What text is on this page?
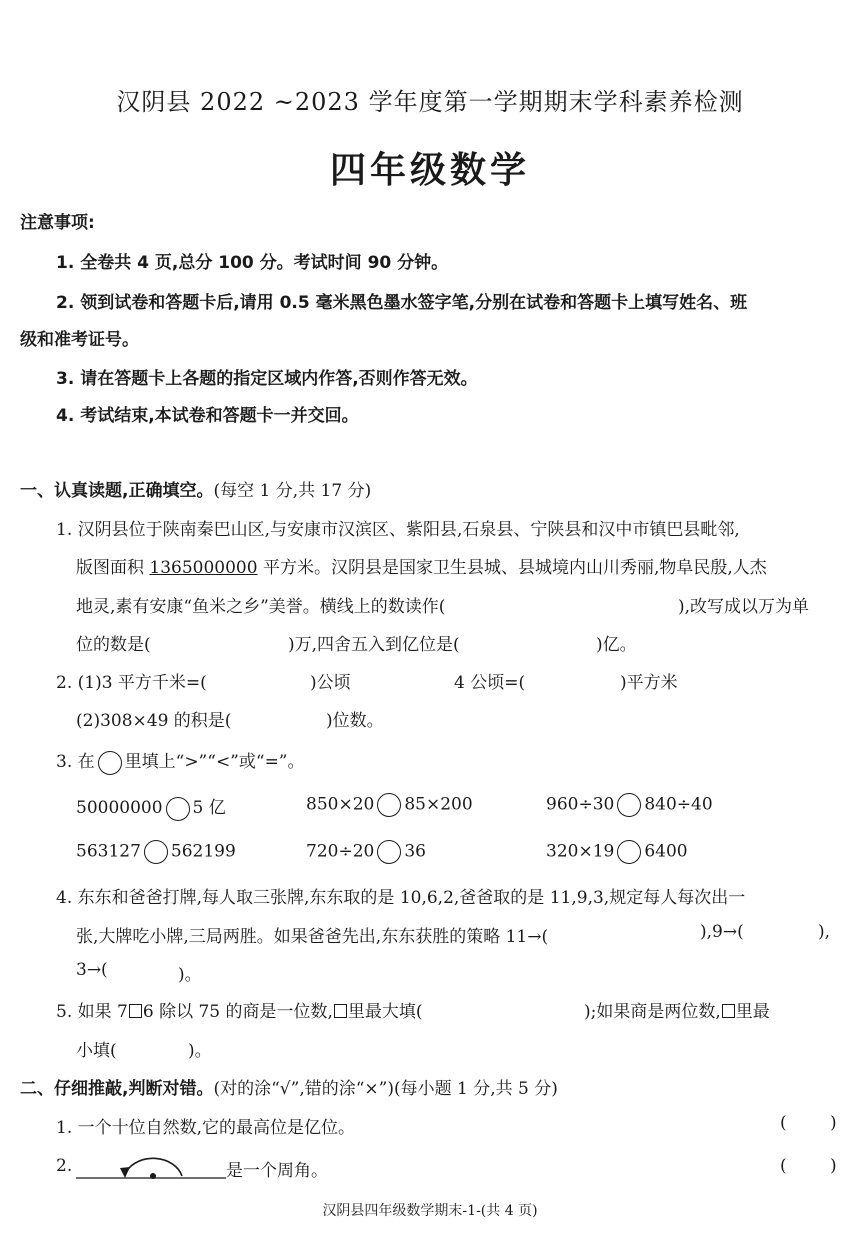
汉阴县 2022 ~2023 学年度第一学期期末学科素养检测
四年级数学
注意事项:
1. 全卷共 4 页,总分 100 分。考试时间 90 分钟。
2. 领到试卷和答题卡后,请用 0.5 毫米黑色墨水签字笔,分别在试卷和答题卡上填写姓名、班
级和准考证号。
3. 请在答题卡上各题的指定区域内作答,否则作答无效。
4. 考试结束,本试卷和答题卡一并交回。
一、认真读题,正确填空。(每空 1 分,共 17 分)
1. 汉阴县位于陕南秦巴山区,与安康市汉滨区、紫阳县,石泉县、宁陕县和汉中市镇巴县毗邻,
版图面积 1365000000 平方米。汉阴县是国家卫生县城、县城境内山川秀丽,物阜民殷,人杰
地灵,素有安康“鱼米之乡”美誉。横线上的数读作(	),改写成以万为单
位的数是(	)万,四舍五入到亿位是(	)亿。
2. (1)3 平方千米=(	)公顷	4 公顷=(	)平方米
(2)308×49 的积是(	)位数。
3. 在 里填上“>”“<”或“=”。
50000000 5 亿	850×20 85×200	960÷30 840÷40
563127 562199	720÷20 36	320×19 6400
4. 东东和爸爸打牌,每人取三张牌,东东取的是 10,6,2,爸爸取的是 11,9,3,规定每人每次出一
张,大牌吃小牌,三局两胜。如果爸爸先出,东东获胜的策略 11→(	),9→(	),
3→(	)。
5. 如果 7 6 除以 75 的商是一位数, 里最大填(	);如果商是两位数, 里最
小填(	)。
二、仔细推敲,判断对错。(对的涂“√”,错的涂“×”)(每小题 1 分,共 5 分)
1. 一个十位自然数,它的最高位是亿位。	(	)
2.	是一个周角。	(	)
汉阴县四年级数学期末-1-(共 4 页)
